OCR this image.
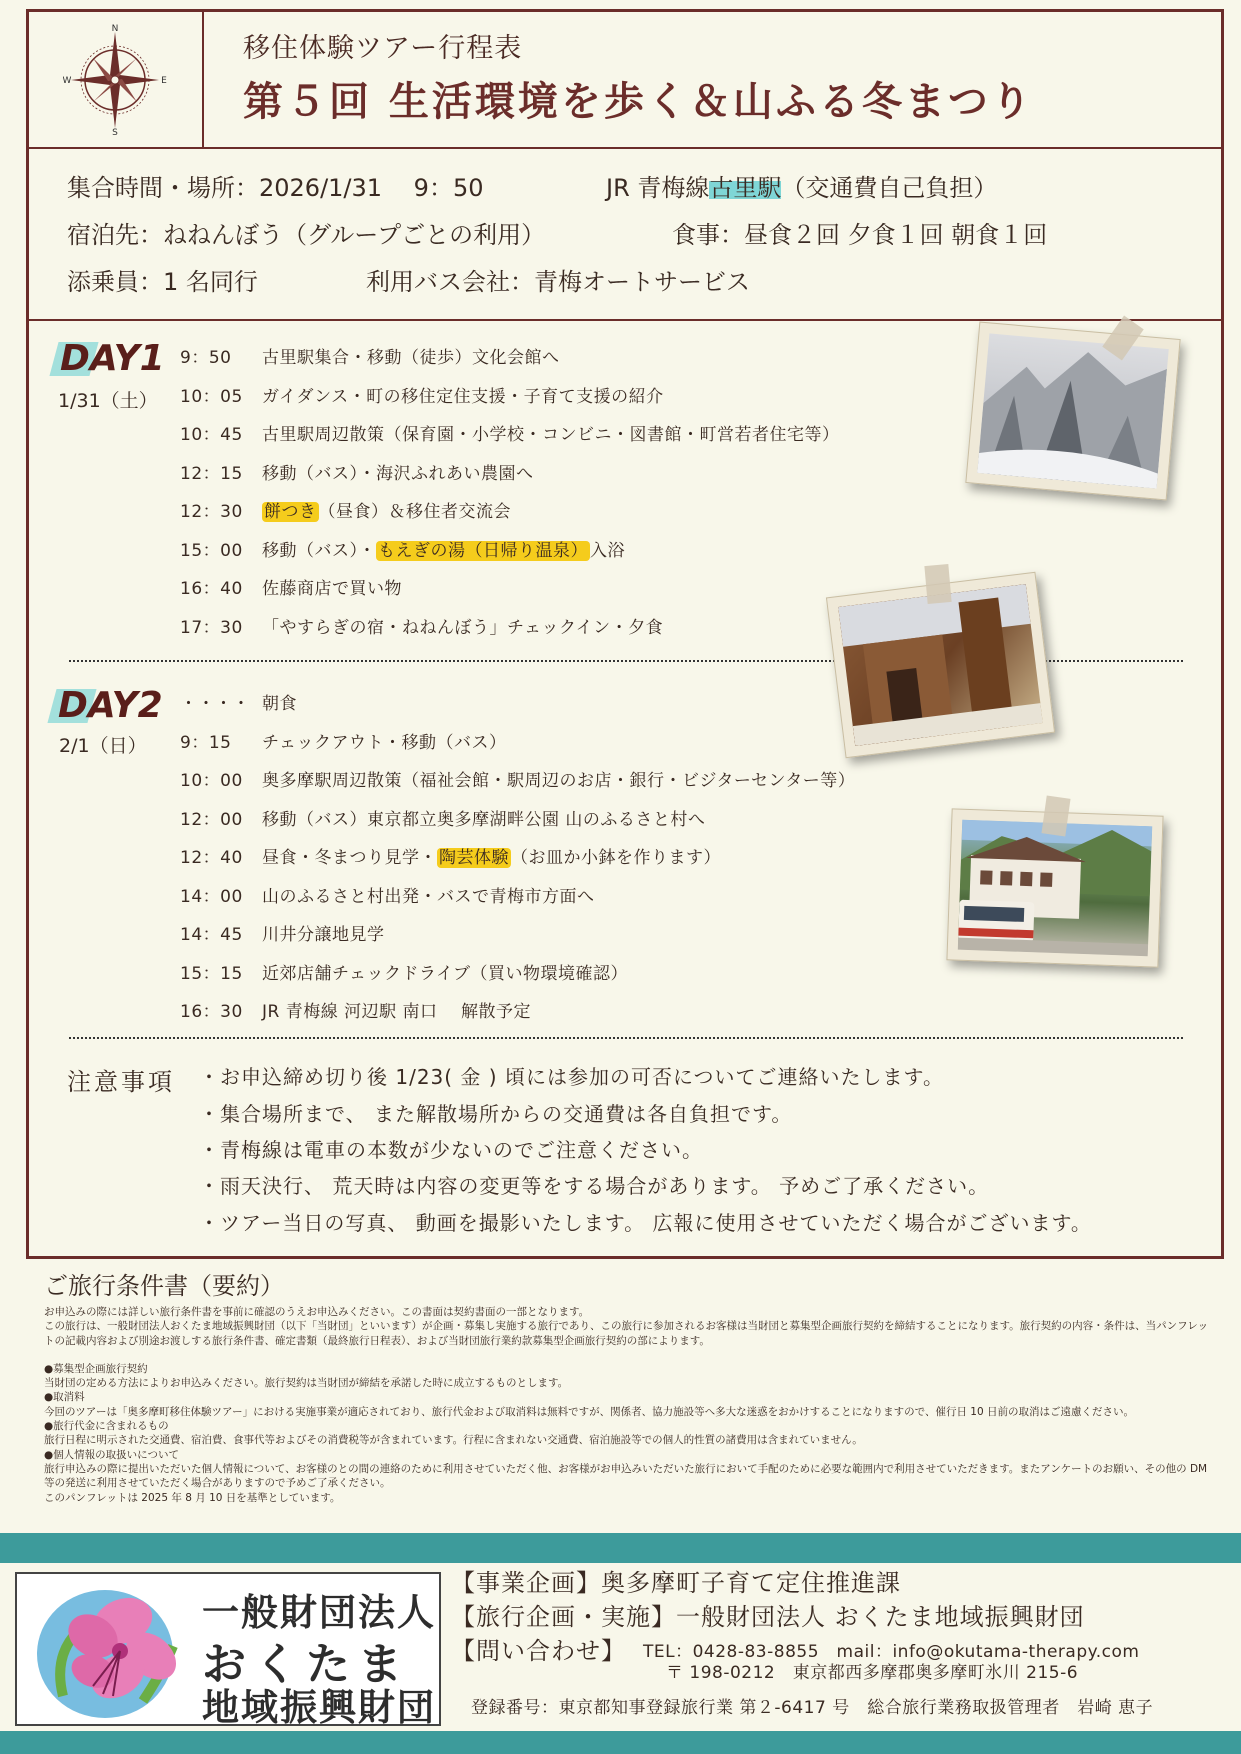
N
E
S
W
移住体験ツアー行程表
第５回 生活環境を歩く＆山ふる冬まつり
集合時間・場所：2026/1/31　 9：50	JR 青梅線古里駅（交通費自己負担）
宿泊先：ねねんぼう（グループごとの利用）	食事：昼食２回 夕食１回 朝食１回
添乗員：1 名同行	利用バス会社：青梅オートサービス
DAY1
1/31（土）
9：50 古里駅集合・移動（徒歩）文化会館へ
10：05 ガイダンス・町の移住定住支援・子育て支援の紹介
10：45 古里駅周辺散策（保育園・小学校・コンビニ・図書館・町営若者住宅等）
12：15 移動（バス）・海沢ふれあい農園へ
12：30 餅つき （昼食）＆移住者交流会
15：00 移動（バス）・ もえぎの湯（日帰り温泉） 入浴
16：40 佐藤商店で買い物
17：30 「やすらぎの宿・ねねんぼう」チェックイン・夕食
DAY2
2/1（日）
・・・・ 朝食
9：15 チェックアウト・移動（バス）
10：00 奥多摩駅周辺散策（福祉会館・駅周辺のお店・銀行・ビジターセンター等）
12：00 移動（バス）東京都立奥多摩湖畔公園 山のふるさと村へ
12：40 昼食・冬まつり見学・ 陶芸体験 （お皿か小鉢を作ります）
14：00 山のふるさと村出発・バスで青梅市方面へ
14：45 川井分譲地見学
15：15 近郊店舗チェックドライブ（買い物環境確認）
16：30 JR 青梅線 河辺駅 南口　 解散予定
注意事項 ・お申込締め切り後 1/23( 金 ) 頃には参加の可否についてご連絡いたします。
・集合場所まで、 また解散場所からの交通費は各自負担です。
・青梅線は電車の本数が少ないのでご注意ください。
・雨天決行、 荒天時は内容の変更等をする場合があります。 予めご了承ください。
・ツアー当日の写真、 動画を撮影いたします。 広報に使用させていただく場合がございます。
ご旅行条件書（要約）

お申込みの際には詳しい旅行条件書を事前に確認のうえお申込みください。この書面は契約書面の一部となります。

この旅行は、一般財団法人おくたま地域振興財団（以下「当財団」といいます）が企画・募集し実施する旅行であり、この旅行に参加されるお客様は当財団と募集型企画旅行契約を締結することになります。旅行契約の内容・条件は、当パンフレットの記載内容および別途お渡しする旅行条件書、確定書類（最終旅行日程表）、および当財団旅行業約款募集型企画旅行契約の部によります。

●募集型企画旅行契約

当財団の定める方法によりお申込みください。旅行契約は当財団が締結を承諾した時に成立するものとします。

●取消料

今回のツアーは「奥多摩町移住体験ツアー」における実施事業が適応されており、旅行代金および取消料は無料ですが、関係者、協力施設等へ多大な迷惑をおかけすることになりますので、催行日 10 日前の取消はご遠慮ください。

●旅行代金に含まれるもの

旅行日程に明示された交通費、宿泊費、食事代等およびその消費税等が含まれています。行程に含まれない交通費、宿泊施設等での個人的性質の諸費用は含まれていません。

●個人情報の取扱いについて

旅行申込みの際に提出いただいた個人情報について、お客様のとの間の連絡のために利用させていただく他、お客様がお申込みいただいた旅行において手配のために必要な範囲内で利用させていただきます。またアンケートのお願い、その他の DM 等の発送に利用させていただく場合がありますので予めご了承ください。

このパンフレットは 2025 年 8 月 10 日を基準としています。

一般財団法人
おくたま
地域振興財団
【事業企画】奥多摩町子育て定住推進課
【旅行企画・実施】一般財団法人 おくたま地域振興財団
【問い合わせ】 TEL：0428-83-8855　mail：info@okutama-therapy.com
〒 198-0212　東京都西多摩郡奥多摩町氷川 215-6
登録番号：東京都知事登録旅行業 第２-6417 号　総合旅行業務取扱管理者　岩崎 恵子
